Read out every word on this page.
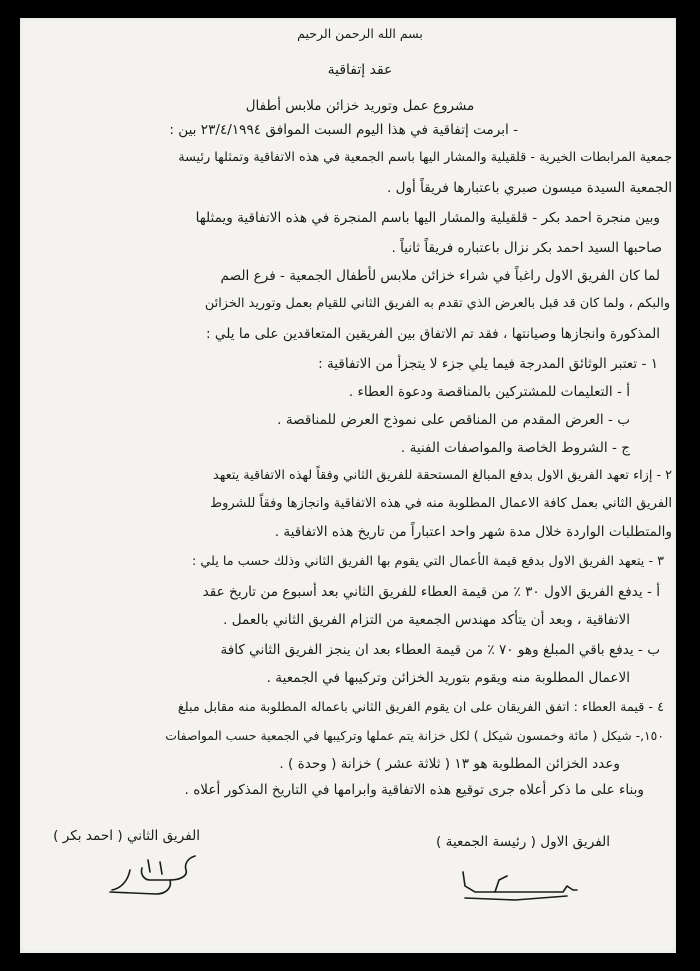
بسم الله الرحمن الرحيم
عقد إتفاقية
مشروع عمل وتوريد خزائن ملابس أطفال
- ابرمت إتفاقية في هذا اليوم السبت الموافق ٢٣/٤/١٩٩٤ بين :
جمعية المرابطات الخيرية - قلقيلية والمشار اليها باسم الجمعية في هذه الاتفاقية وتمثلها رئيسة
الجمعية السيدة ميسون صبري باعتبارها فريقاً أول .
وبين منجرة احمد بكر - قلقيلية والمشار اليها باسم المنجرة في هذه الاتفاقية ويمثلها
صاحبها السيد احمد بكر نزال باعتباره فريقاً ثانياً .
لما كان الفريق الاول راغباً في شراء خزائن ملابس لأطفال الجمعية - فرع الصم
والبكم ، ولما كان قد قبل بالعرض الذي تقدم به الفريق الثاني للقيام بعمل وتوريد الخزائن
المذكورة وانجازها وصيانتها ، فقد تم الاتفاق بين الفريقين المتعاقدين على ما يلي :
١ - تعتبر الوثائق المدرجة فيما يلي جزء لا يتجزأ من الاتفاقية :
أ - التعليمات للمشتركين بالمناقصة ودعوة العطاء .
ب - العرض المقدم من المناقص على نموذج العرض للمناقصة .
ج - الشروط الخاصة والمواصفات الفنية .
٢ - إزاء تعهد الفريق الاول بدفع المبالغ المستحقة للفريق الثاني وفقاً لهذه الاتفاقية يتعهد
الفريق الثاني بعمل كافة الاعمال المطلوبة منه في هذه الاتفاقية وانجازها وفقاً للشروط
والمتطلبات الواردة خلال مدة شهر واحد اعتباراً من تاريخ هذه الاتفاقية .
٣ - يتعهد الفريق الاول بدفع قيمة الأعمال التي يقوم بها الفريق الثاني وذلك حسب ما يلي :
أ - يدفع الفريق الاول ٣٠ ٪ من قيمة العطاء للفريق الثاني بعد أسبوع من تاريخ عقد
الاتفاقية ، وبعد أن يتأكد مهندس الجمعية من التزام الفريق الثاني بالعمل .
ب - يدفع باقي المبلغ وهو ٧٠ ٪ من قيمة العطاء بعد ان ينجز الفريق الثاني كافة
الاعمال المطلوبة منه ويقوم بتوريد الخزائن وتركيبها في الجمعية .
٤ - قيمة العطاء : اتفق الفريقان على ان يقوم الفريق الثاني باعماله المطلوبة منه مقابل مبلغ
١٥٠,- شيكل ( مائة وخمسون شيكل ) لكل خزانة يتم عملها وتركيبها في الجمعية حسب المواصفات
وعدد الخزائن المطلوبة هو ١٣ ( ثلاثة عشر ) خزانة ( وحدة ) .
وبناء على ما ذكر أعلاه جرى توقيع هذه الاتفاقية وابرامها في التاريخ المذكور أعلاه .
الفريق الاول ( رئيسة الجمعية )
الفريق الثاني ( احمد بكر )
